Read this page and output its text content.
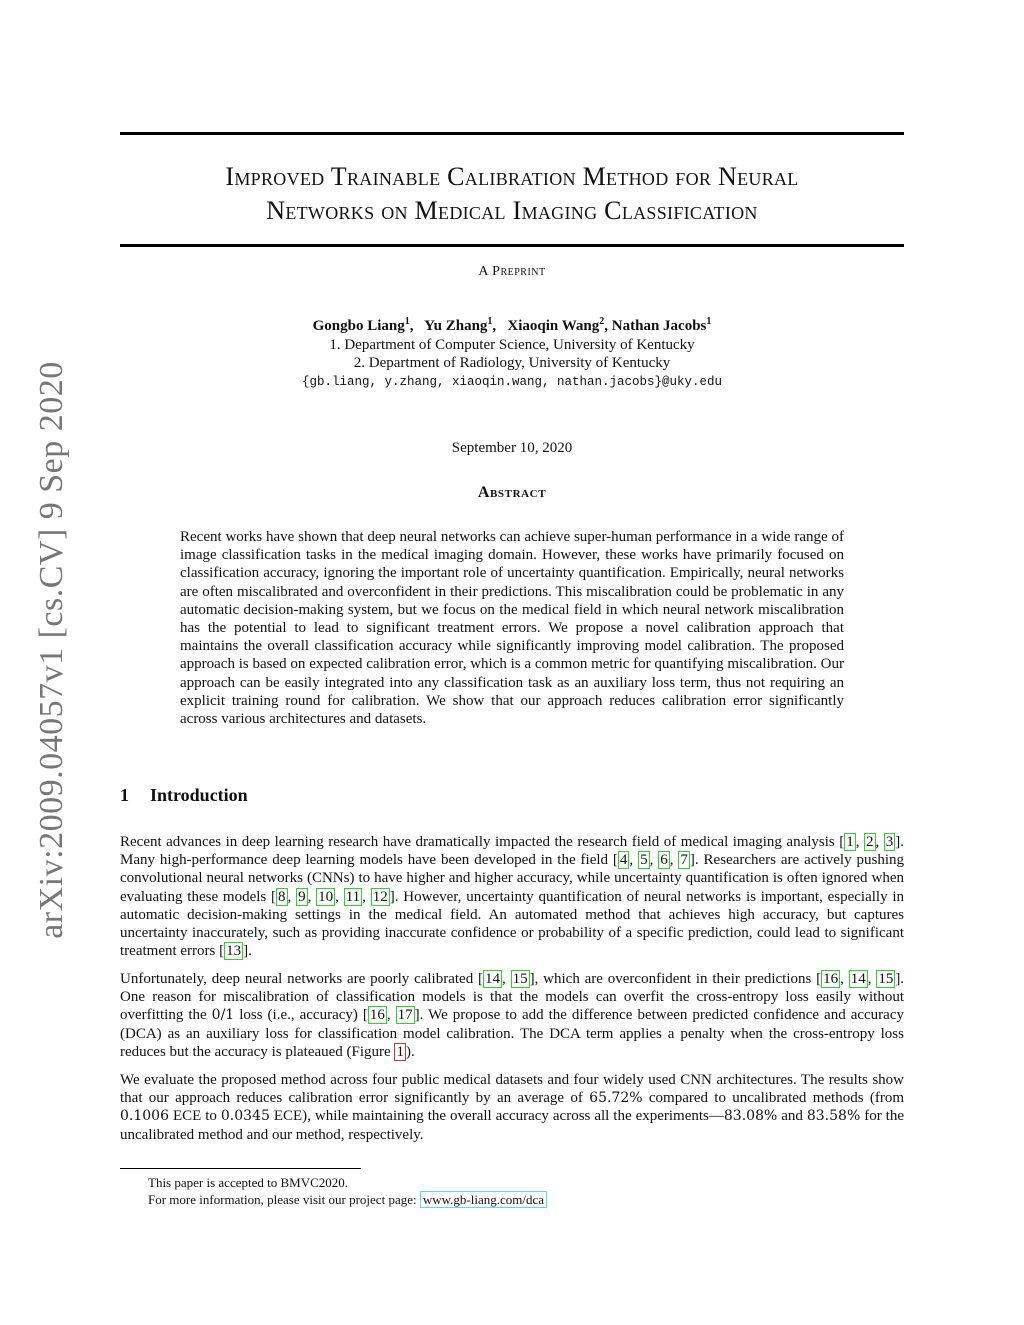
arXiv:2009.04057v1 [cs.CV] 9 Sep 2020
Improved Trainable Calibration Method for Neural
Networks on Medical Imaging Classification
A Preprint
Gongbo Liang$^1$,   Yu Zhang$^1$,   Xiaoqin Wang$^2$, Nathan Jacobs$^1$
1. Department of Computer Science, University of Kentucky
2. Department of Radiology, University of Kentucky
{gb.liang, y.zhang, xiaoqin.wang, nathan.jacobs}@uky.edu
September 10, 2020
Abstract

Recent works have shown that deep neural networks can achieve super-human performance in a wide range of image classification tasks in the medical imaging domain. However, these works have primarily focused on classification accuracy, ignoring the important role of uncertainty quantification. Empirically, neural networks are often miscalibrated and overconfident in their predictions. This miscalibration could be problematic in any automatic decision-making system, but we focus on the medical field in which neural network miscalibration has the potential to lead to significant treatment errors. We propose a novel calibration approach that maintains the overall classification accuracy while significantly improving model calibration. The proposed approach is based on expected calibration error, which is a common metric for quantifying miscalibration. Our approach can be easily integrated into any classification task as an auxiliary loss term, thus not requiring an explicit training round for calibration. We show that our approach reduces calibration error significantly across various architectures and datasets.

1 Introduction

Recent advances in deep learning research have dramatically impacted the research field of medical imaging analysis [ 1 , 2 , 3 ]. Many high-performance deep learning models have been developed in the field [ 4 , 5 , 6 , 7 ]. Researchers are actively pushing convolutional neural networks (CNNs) to have higher and higher accuracy, while uncertainty quantification is often ignored when evaluating these models [ 8 , 9 , 10 , 11 , 12 ]. However, uncertainty quantification of neural networks is important, especially in automatic decision-making settings in the medical field. An automated method that achieves high accuracy, but captures uncertainty inaccurately, such as providing inaccurate confidence or probability of a specific prediction, could lead to significant treatment errors [ 13 ].

Unfortunately, deep neural networks are poorly calibrated [ 14 , 15 ], which are overconfident in their predictions [ 16 , 14 , 15 ]. One reason for miscalibration of classification models is that the models can overfit the cross-entropy loss easily without overfitting the 0/1 loss (i.e., accuracy) [ 16 , 17 ]. We propose to add the difference between predicted confidence and accuracy (DCA) as an auxiliary loss for classification model calibration. The DCA term applies a penalty when the cross-entropy loss reduces but the accuracy is plateaued (Figure 1 ).

We evaluate the proposed method across four public medical datasets and four widely used CNN architectures. The results show that our approach reduces calibration error significantly by an average of 65.72% compared to uncalibrated methods (from 0.1006 ECE to 0.0345 ECE), while maintaining the overall accuracy across all the experiments—83.08% and 83.58% for the uncalibrated method and our method, respectively.

This paper is accepted to BMVC2020.
For more information, please visit our project page: www.gb-liang.com/dca
